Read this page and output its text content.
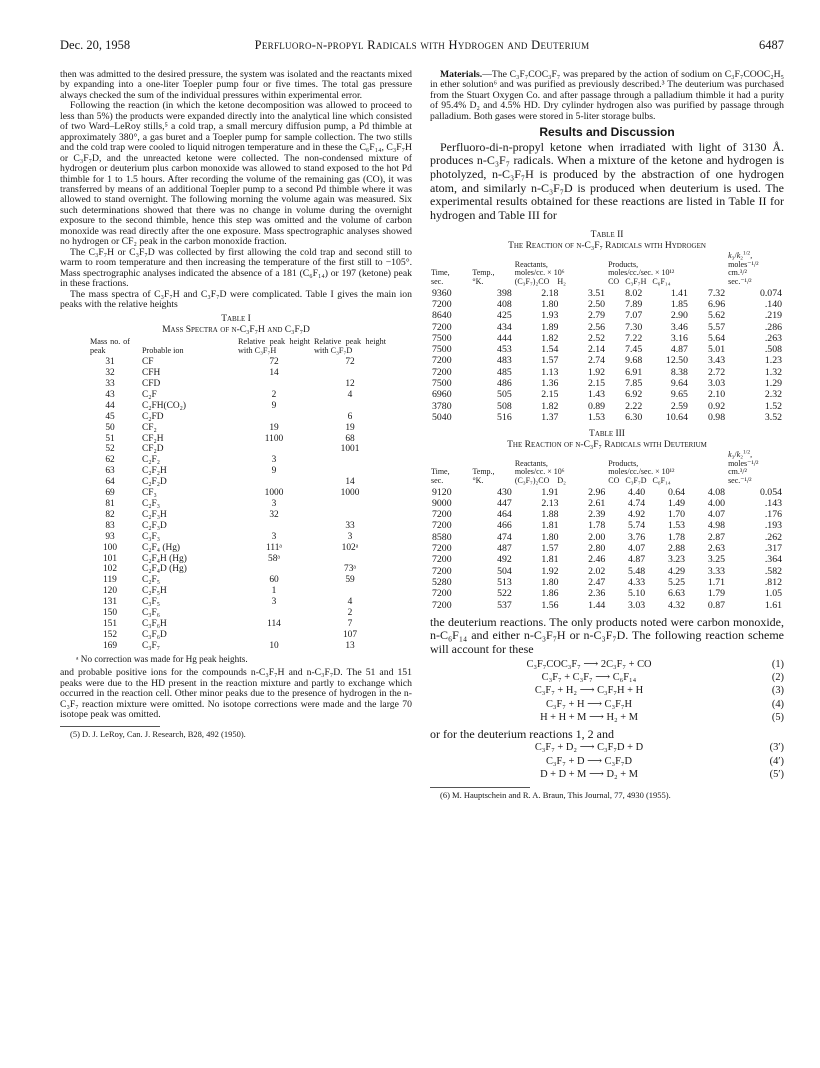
Dec. 20, 1958	Perfluoro-n-propyl Radicals with Hydrogen and Deuterium	6487

then was admitted to the desired pressure, the system was isolated and the reactants mixed by expanding into a one-liter Toepler pump four or five times. The total gas pressure always checked the sum of the individual pressures within experimental error.

Following the reaction (in which the ketone decomposition was allowed to proceed to less than 5%) the products were expanded directly into the analytical line which consisted of two Ward–LeRoy stills,⁵ a cold trap, a small mercury diffusion pump, a Pd thimble at approximately 380°, a gas buret and a Toepler pump for sample collection. The two stills and the cold trap were cooled to liquid nitrogen temperature and in these the C₆F₁₄, C₃F₇H or C₃F₇D, and the unreacted ketone were collected. The non-condensed mixture of hydrogen or deuterium plus carbon monoxide was allowed to stand exposed to the hot Pd thimble for 1 to 1.5 hours. After recording the volume of the remaining gas (CO), it was transferred by means of an additional Toepler pump to a second Pd thimble where it was allowed to stand overnight. The following morning the volume again was measured. Six such determinations showed that there was no change in volume during the overnight exposure to the second thimble, hence this step was omitted and the volume of carbon monoxide was read directly after the one exposure. Mass spectrographic analyses showed no hydrogen or CF₂ peak in the carbon monoxide fraction.

The C₃F₇H or C₃F₇D was collected by first allowing the cold trap and second still to warm to room temperature and then increasing the temperature of the first still to −105°. Mass spectrographic analyses indicated the absence of a 181 (C₆F₁₄) or 197 (ketone) peak in these fractions.

The mass spectra of C₃F₇H and C₃F₇D were complicated. Table I gives the main ion peaks with the relative heights

Table I
Mass Spectra of n-C₃F₇H and C₃F₇D
Mass no. of peak	Probable ion	Relative peak height with C₃F₇H	Relative peak height with C₃F₇D
31	CF	72	72
32	CFH	14	
33	CFD		12
43	C₂F	2	4
44	C₂FH(CO₂)	9	
45	C₂FD		6
50	CF₂	19	19
51	CF₂H	1100	68
52	CF₂D		1001
62	C₂F₂	3	
63	C₂F₂H	9	
64	C₂F₂D		14
69	CF₃	1000	1000
81	C₂F₃	3	
82	C₂F₃H	32	
83	C₂F₃D		33
93	C₃F₃	3	3
100	C₂F₄ (Hg)	111ᵃ	102ᵃ
101	C₂F₄H (Hg)	58ᵃ	
102	C₂F₄D (Hg)		73ᵃ
119	C₂F₅	60	59
120	C₂F₅H	1	
131	C₃F₅	3	4
150	C₃F₆		2
151	C₃F₆H	114	7
152	C₃F₆D		107
169	C₃F₇	10	13
ᵃ No correction was made for Hg peak heights.

and probable positive ions for the compounds n-C₃F₇H and n-C₃F₇D. The 51 and 151 peaks were due to the HD present in the reaction mixture and partly to exchange which occurred in the reaction cell. Other minor peaks due to the presence of hydrogen in the n-C₃F₇ reaction mixture were omitted. No isotope corrections were made and the large 70 isotope peak was omitted.

(5) D. J. LeRoy, Can. J. Research, B28, 492 (1950).

Materials.—The C₃F₇COC₃F₇ was prepared by the action of sodium on C₃F₇COOC₂H₅ in ether solution⁶ and was purified as previously described.³ The deuterium was purchased from the Stuart Oxygen Co. and after passage through a palladium thimble it had a purity of 95.4% D₂ and 4.5% HD. Dry cylinder hydrogen also was purified by passage through palladium. Both gases were stored in 5-liter storage bulbs.

Results and Discussion

Perfluoro-di-n-propyl ketone when irradiated with light of 3130 Å. produces n-C₃F₇ radicals. When a mixture of the ketone and hydrogen is photolyzed, n-C₃F₇H is produced by the abstraction of one hydrogen atom, and similarly n-C₃F₇D is produced when deuterium is used. The experimental results obtained for these reactions are listed in Table II for hydrogen and Table III for

Table II
The Reaction of n-C₃F₇ Radicals with Hydrogen

Time,
sec.	Temp.,
°K.	Reactants,
moles/cc. × 10⁶
(C₃F₇)₂CO    H₂		Products,
moles/cc./sec. × 10¹²
CO   C₃F₇H   C₆F₁₄			k₃/k₂$^{1/2}$,
moles⁻¹/²
cm.³/²
sec.⁻¹/²
9360	398	2.18	3.51	8.02	1.41	7.32	0.074
7200	408	1.80	2.50	7.89	1.85	6.96	.140
8640	425	1.93	2.79	7.07	2.90	5.62	.219
7200	434	1.89	2.56	7.30	3.46	5.57	.286
7500	444	1.82	2.52	7.22	3.16	5.64	.263
7500	453	1.54	2.14	7.45	4.87	5.01	.508
7200	483	1.57	2.74	9.68	12.50	3.43	1.23
7200	485	1.13	1.92	6.91	8.38	2.72	1.32
7500	486	1.36	2.15	7.85	9.64	3.03	1.29
6960	505	2.15	1.43	6.92	9.65	2.10	2.32
3780	508	1.82	0.89	2.22	2.59	0.92	1.52
5040	516	1.37	1.53	6.30	10.64	0.98	3.52
Table III
The Reaction of n-C₃F₇ Radicals with Deuterium

Time,
sec.	Temp.,
°K.	Reactants,
moles/cc. × 10⁶
(C₃F₇)₂CO    D₂		Products,
moles/cc./sec. × 10¹²
CO   C₃F₇D   C₆F₁₄			k₃/k₂$^{1/2}$,
moles⁻¹/²
cm.³/²
sec.⁻¹/²
9120	430	1.91	2.96	4.40	0.64	4.08	0.054
9000	447	2.13	2.61	4.74	1.49	4.00	.143
7200	464	1.88	2.39	4.92	1.70	4.07	.176
7200	466	1.81	1.78	5.74	1.53	4.98	.193
8580	474	1.80	2.00	3.76	1.78	2.87	.262
7200	487	1.57	2.80	4.07	2.88	2.63	.317
7200	492	1.81	2.46	4.87	3.23	3.25	.364
7200	504	1.92	2.02	5.48	4.29	3.33	.582
5280	513	1.80	2.47	4.33	5.25	1.71	.812
7200	522	1.86	2.36	5.10	6.63	1.79	1.05
7200	537	1.56	1.44	3.03	4.32	0.87	1.61

the deuterium reactions. The only products noted were carbon monoxide, n-C₆F₁₄ and either n-C₃F₇H or n-C₃F₇D. The following reaction scheme will account for these

C₃F₇COC₃F₇ ⟶ 2C₃F₇ + CO	(1)
C₃F₇ + C₃F₇ ⟶ C₆F₁₄	(2)
C₃F₇ + H₂ ⟶ C₃F₇H + H	(3)
C₃F₇ + H ⟶ C₃F₇H	(4)
H + H + M ⟶ H₂ + M	(5)

or for the deuterium reactions 1, 2 and

C₃F₇ + D₂ ⟶ C₃F₇D + D	(3′)
C₃F₇ + D ⟶ C₃F₇D	(4′)
D + D + M ⟶ D₂ + M	(5′)
(6) M. Hauptschein and R. A. Braun, This Journal, 77, 4930 (1955).
